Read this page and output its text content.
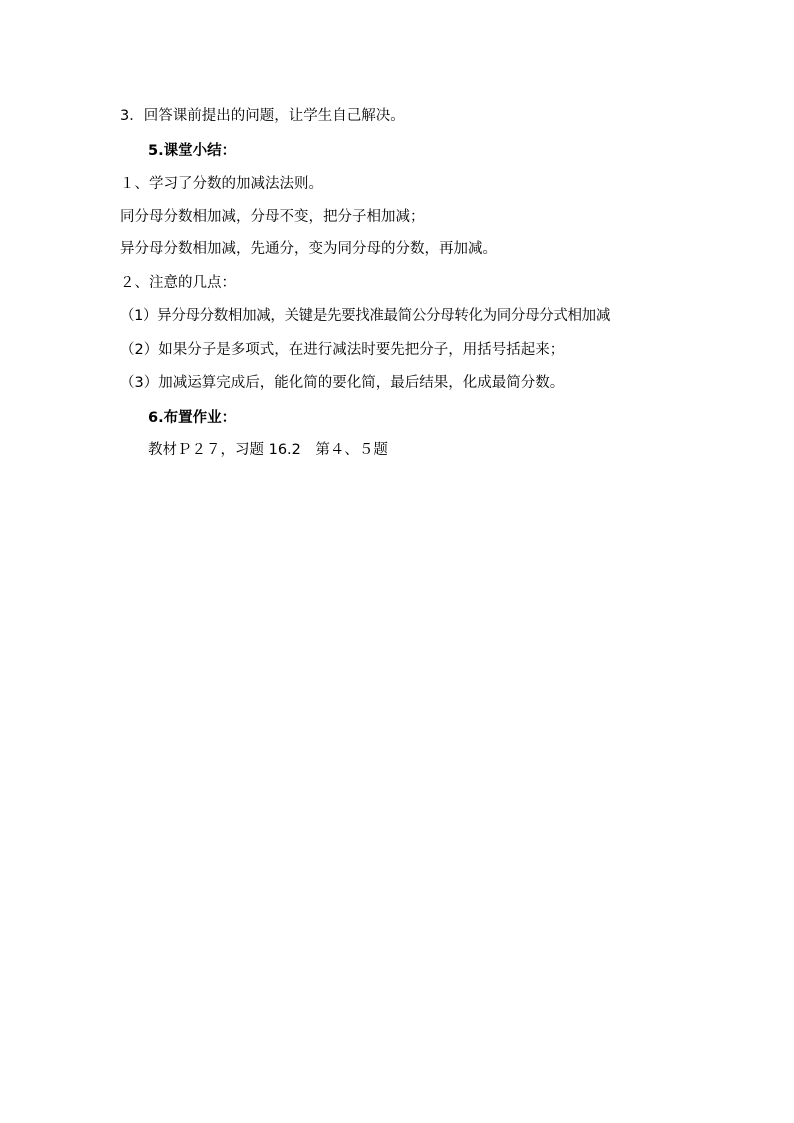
3．回答课前提出的问题，让学生自己解决。
5.课堂小结：
１、学习了分数的加减法法则。
同分母分数相加减，分母不变，把分子相加减；
异分母分数相加减，先通分，变为同分母的分数，再加减。
２、注意的几点：
（1）异分母分数相加减，关键是先要找准最简公分母转化为同分母分式相加减
（2）如果分子是多项式，在进行减法时要先把分子，用括号括起来；
（3）加减运算完成后，能化简的要化简，最后结果，化成最简分数。
6.布置作业：
教材Ｐ２７，习题 16.2　第４、５题
